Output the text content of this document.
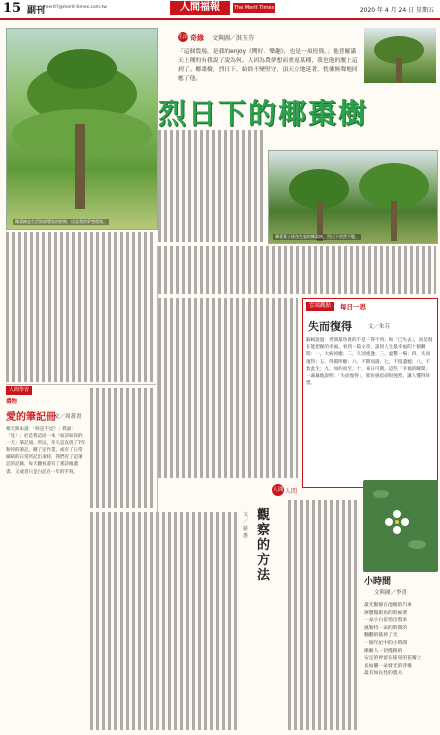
15 副刊
merit?@merit-times.com.tw	人間福報	The Merit Times	2020 年 4 月 24 日 星期五
椰棗樹是生活資源豐富的植物，這是我的夢想農場。
生活 奇緣 文與圖／洪玉芬
「這個農場，是我的enjoy《嚮好．樂趣》，也是一項投資。」他普羅滿天上種的有我說了說為何。人因為農夢想而重返某種，我也他的腰上這到了。椰棗樹，烈日下，始終不變堅守，頂天立地延著，恍彿無聲地回應了他。
烈日下的椰棗樹
樂著葉子搖曳生姿的椰棗樹，烈日下依然不變。
雲端觀點	每日一思
失而復得	文／朱芬
蘇軾說過：世間最珍貴的不是「得不到」和「已失去」，而是現在能把握的幸福。看到一篇文章，談到人生最幸福的十個瞬間：一、大病初癒；二、久別重逢；三、虛驚一場；四、失而復得；五、得償所願；六、不期而遇；七、不留遺憾；八、不負此生；九、如約而至；十、來日可期。這些「幸福的瞬間」一幕幕地說明：「失而復得」，那份感恩卻很強烈，讓人懂得珍惜。
人間 人間
觀察的方法
文／慈惠
小時間
文與圖／李喜
最光動靜在池塘的汽車
渾寶館街角的時候著
一朵小白花悄出現來
風勒特一朵的時間的
翻翻的搖掉了光
一個年紀中的小時間
漸漸人一切慢路的
安定的停留在搖晃的花瓣上
長如騰一朵發光的背後
最有如長性的農夫
人間學習
禮物
愛的筆記冊
文／周蓋書
相天與朱說：「終是不見？」我說：「見！」於是我這同一本「如詩如你的一天」筆記冊。所以，冬久這直找了7年和特的筆記，剛了定作業，或有了日常細研的日常所記出來時，我們有了這筆記的記錄，每天翻看還有了那詩緣遺書。又或者只是白記在一年的手寫。
